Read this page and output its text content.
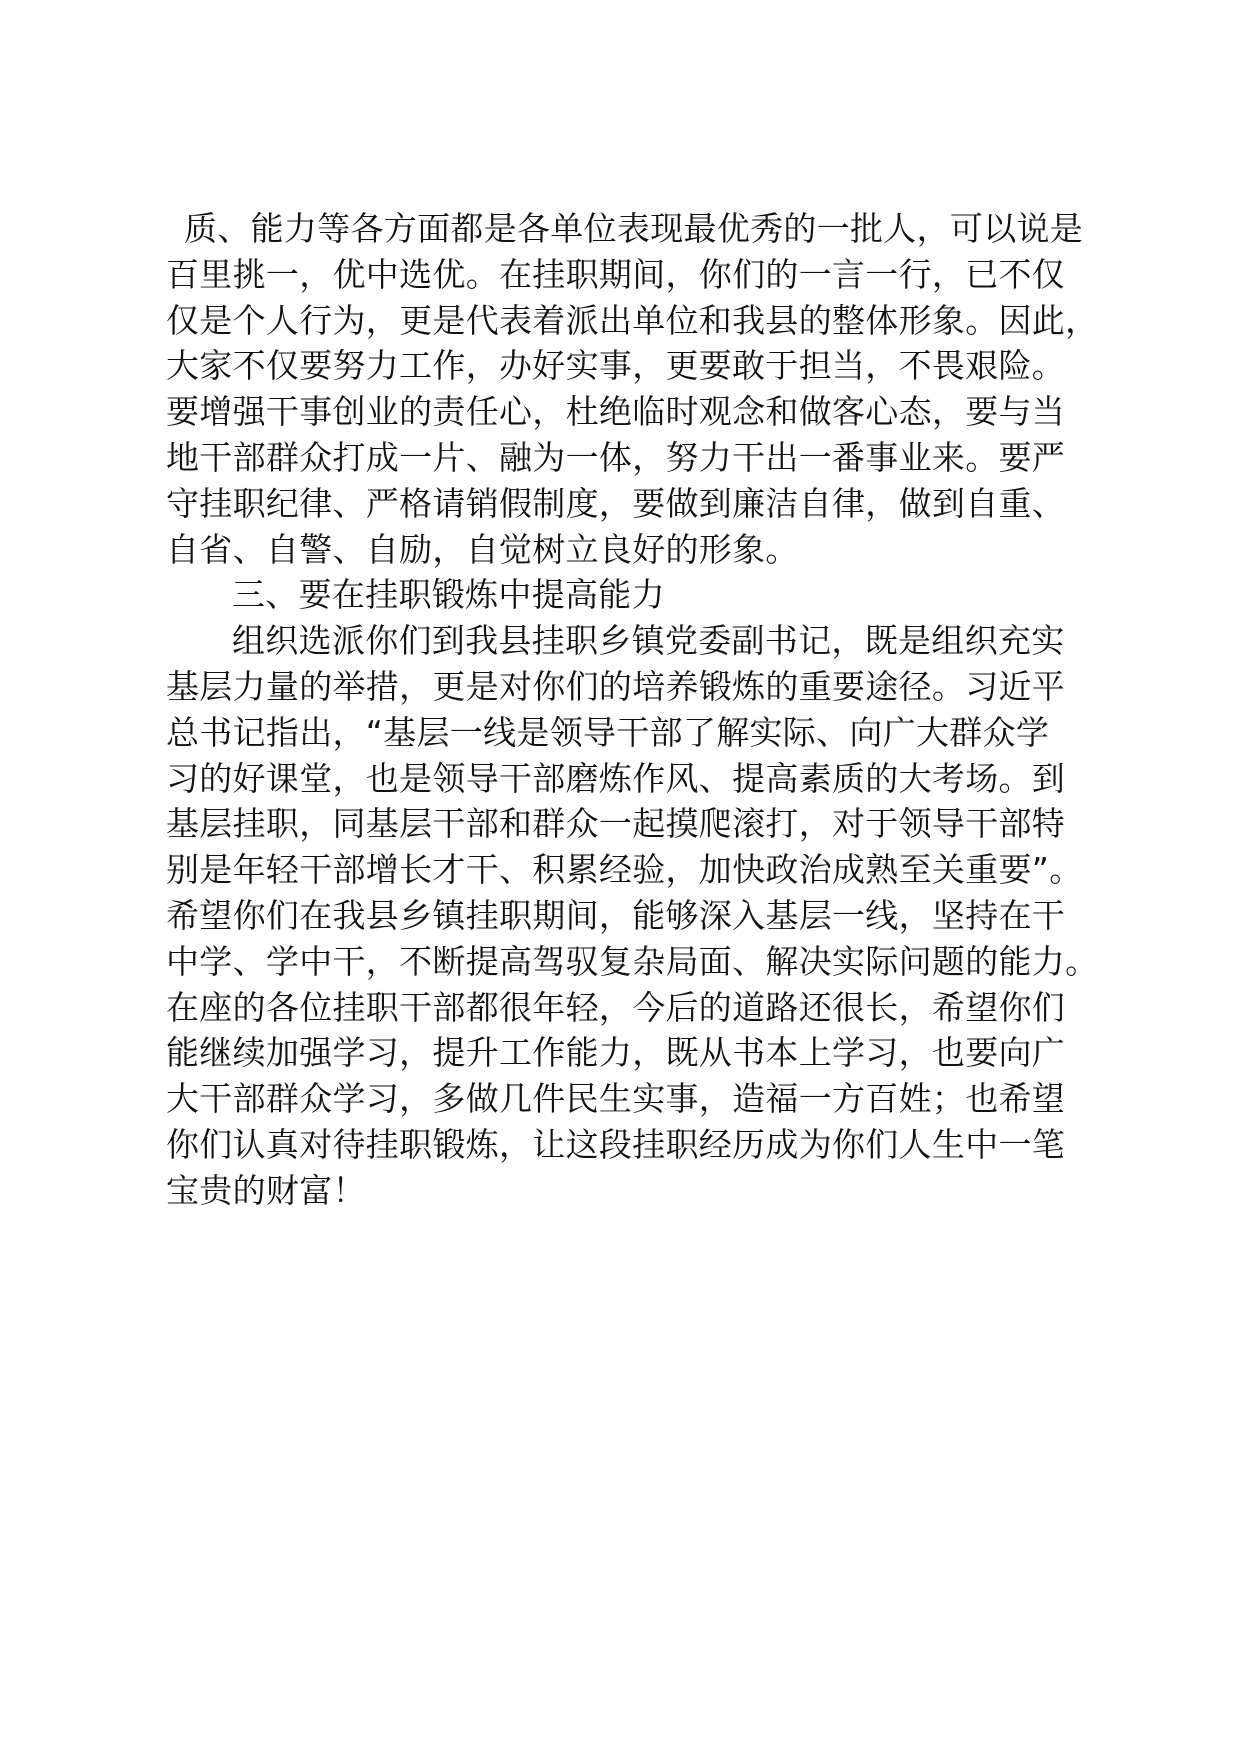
质、能力等各方面都是各单位表现最优秀的一批人，可以说是
百里挑一，优中选优。在挂职期间，你们的一言一行，已不仅
仅是个人行为，更是代表着派出单位和我县的整体形象。因此，
大家不仅要努力工作，办好实事，更要敢于担当，不畏艰险。
要增强干事创业的责任心，杜绝临时观念和做客心态，要与当
地干部群众打成一片、融为一体，努力干出一番事业来。要严
守挂职纪律、严格请销假制度，要做到廉洁自律，做到自重、
自省、自警、自励，自觉树立良好的形象。
三、要在挂职锻炼中提高能力
组织选派你们到我县挂职乡镇党委副书记，既是组织充实
基层力量的举措，更是对你们的培养锻炼的重要途径。习近平
总书记指出，“基层一线是领导干部了解实际、向广大群众学
习的好课堂，也是领导干部磨炼作风、提高素质的大考场。到
基层挂职，同基层干部和群众一起摸爬滚打，对于领导干部特
别是年轻干部增长才干、积累经验，加快政治成熟至关重要”。
希望你们在我县乡镇挂职期间，能够深入基层一线，坚持在干
中学、学中干，不断提高驾驭复杂局面、解决实际问题的能力。
在座的各位挂职干部都很年轻，今后的道路还很长，希望你们
能继续加强学习，提升工作能力，既从书本上学习，也要向广
大干部群众学习，多做几件民生实事，造福一方百姓；也希望
你们认真对待挂职锻炼，让这段挂职经历成为你们人生中一笔
宝贵的财富！
